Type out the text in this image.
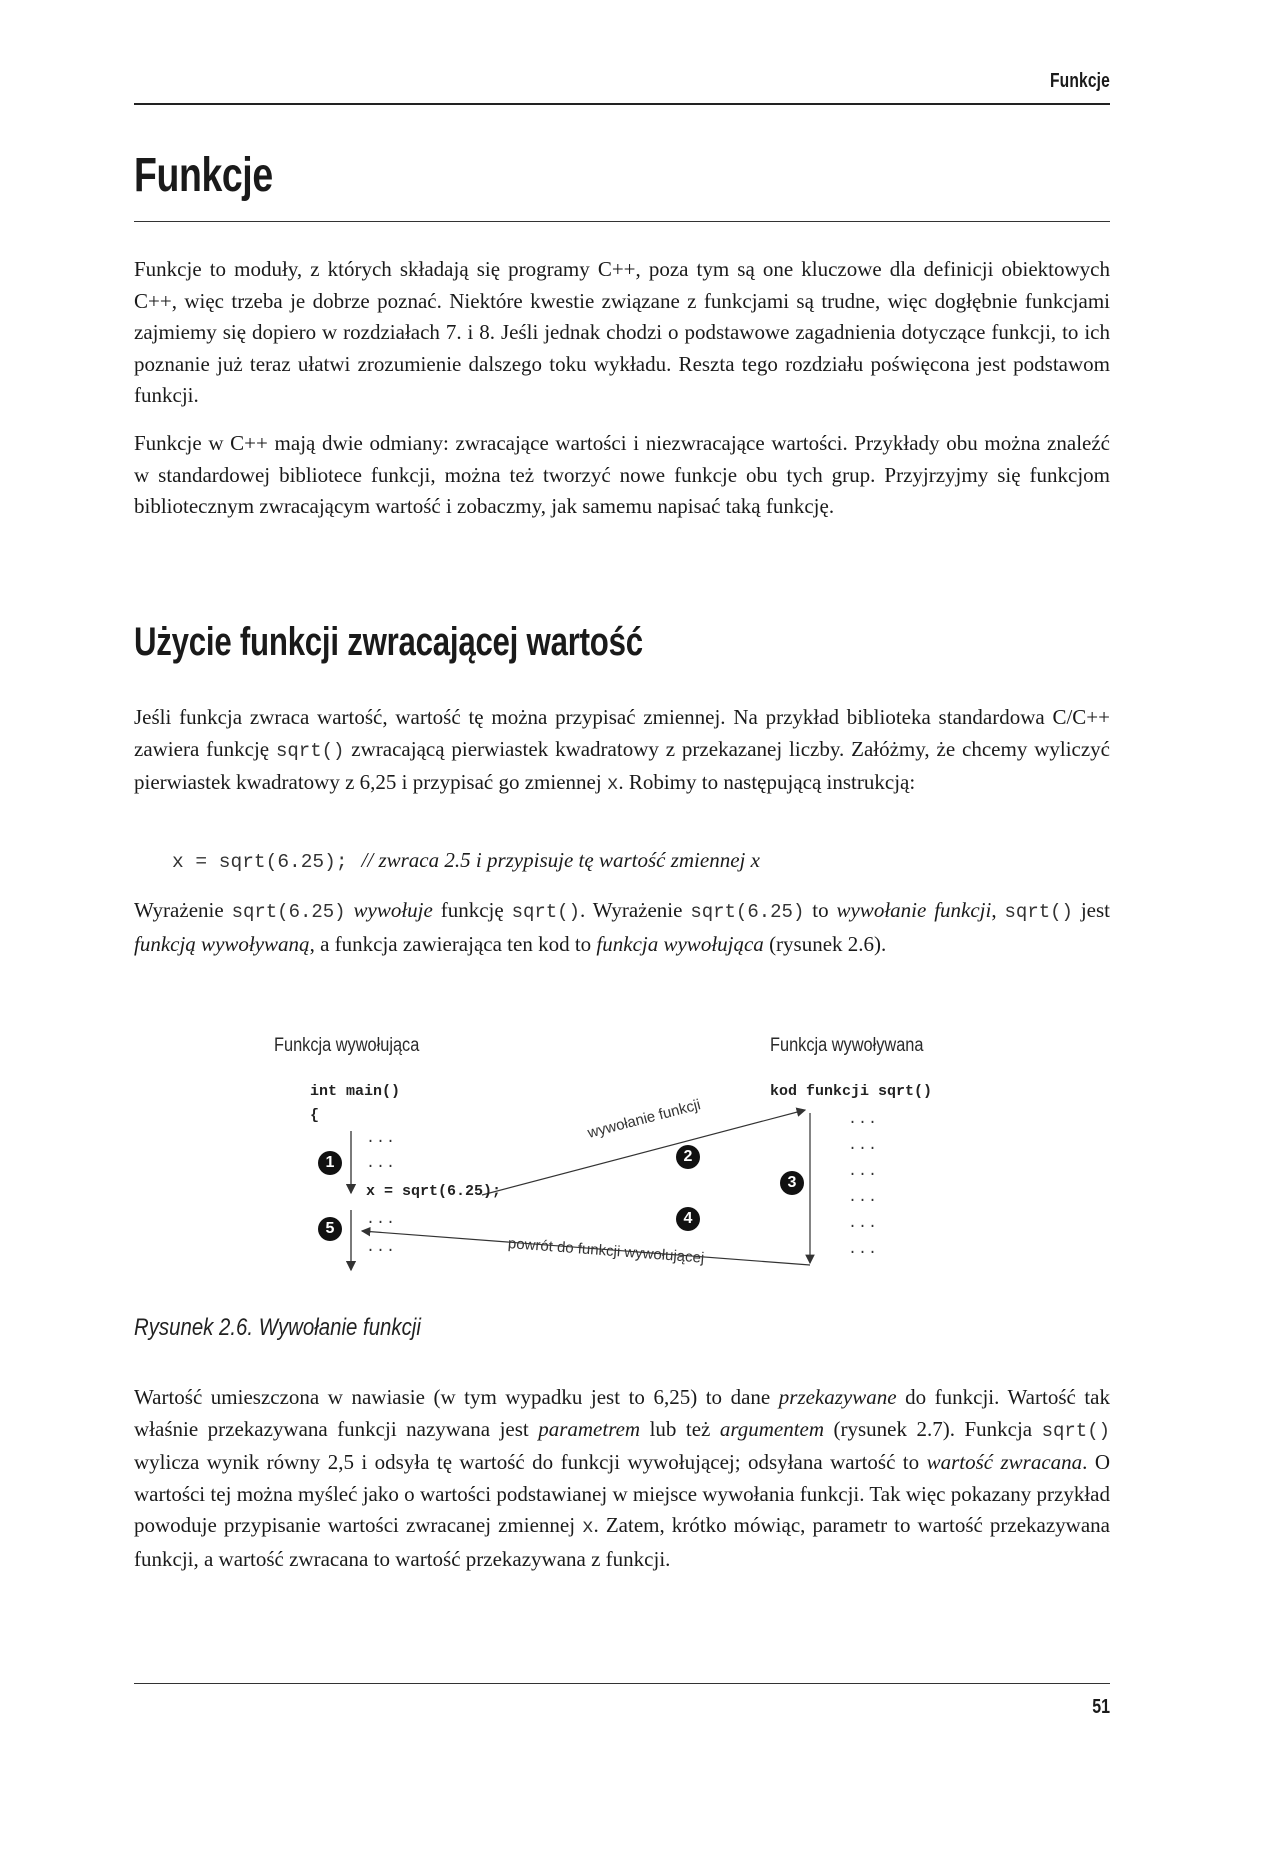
Funkcje
Funkcje
Funkcje to moduły, z których składają się programy C++, poza tym są one kluczowe dla definicji obiektowych C++, więc trzeba je dobrze poznać. Niektóre kwestie związane z funkcjami są trudne, więc dogłębnie funkcjami zajmiemy się dopiero w rozdziałach 7. i 8. Jeśli jednak chodzi o podstawowe zagadnienia dotyczące funkcji, to ich poznanie już teraz ułatwi zrozumienie dalszego toku wykładu. Reszta tego rozdziału poświęcona jest podstawom funkcji.
Funkcje w C++ mają dwie odmiany: zwracające wartości i niezwracające wartości. Przykłady obu można znaleźć w standardowej bibliotece funkcji, można też tworzyć nowe funkcje obu tych grup. Przyjrzyjmy się funkcjom bibliotecznym zwracającym wartość i zobaczmy, jak samemu napisać taką funkcję.
Użycie funkcji zwracającej wartość
Jeśli funkcja zwraca wartość, wartość tę można przypisać zmiennej. Na przykład biblioteka standardowa C/C++ zawiera funkcję sqrt() zwracającą pierwiastek kwadratowy z przekazanej liczby. Załóżmy, że chcemy wyliczyć pierwiastek kwadratowy z 6,25 i przypisać go zmiennej x. Robimy to następującą instrukcją:
x = sqrt(6.25); // zwraca 2.5 i przypisuje tę wartość zmiennej x
Wyrażenie sqrt(6.25) wywołuje funkcję sqrt(). Wyrażenie sqrt(6.25) to wywołanie funkcji, sqrt() jest funkcją wywoływaną, a funkcja zawierająca ten kod to funkcja wywołująca (rysunek 2.6).
Funkcja wywołująca	Funkcja wywoływana
int main()
{
...
...
x = sqrt(6.25);
...
...
kod funkcji sqrt()
...
...
...
...
...
...
1	2
3
4
5
wywołanie funkcji
powrót do funkcji wywołującej
Rysunek 2.6. Wywołanie funkcji
Wartość umieszczona w nawiasie (w tym wypadku jest to 6,25) to dane przekazywane do funkcji. Wartość tak właśnie przekazywana funkcji nazywana jest parametrem lub też argumentem (rysunek 2.7). Funkcja sqrt() wylicza wynik równy 2,5 i odsyła tę wartość do funkcji wywołującej; odsyłana wartość to wartość zwracana. O wartości tej można myśleć jako o wartości podstawianej w miejsce wywołania funkcji. Tak więc pokazany przykład powoduje przypisanie wartości zwracanej zmiennej x. Zatem, krótko mówiąc, parametr to wartość przekazywana funkcji, a wartość zwracana to wartość przekazywana z funkcji.
51
